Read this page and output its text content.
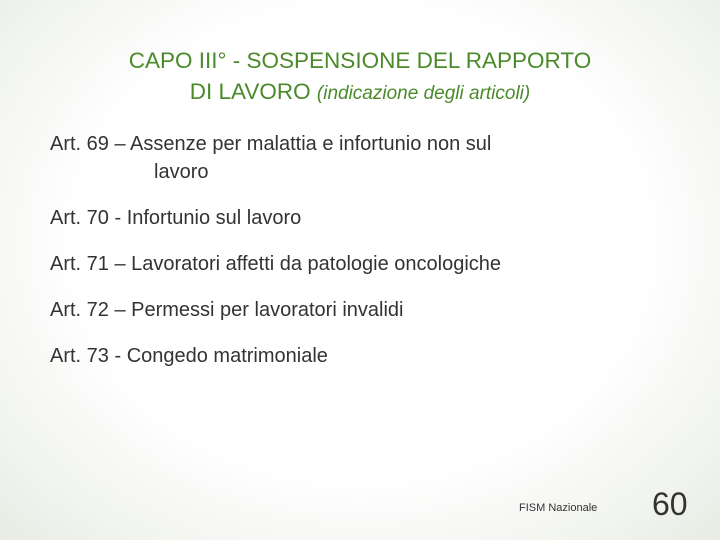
CAPO III° - SOSPENSIONE DEL RAPPORTO
DI LAVORO (indicazione degli articoli)
Art. 69 – Assenze per malattia e infortunio non sul
lavoro
Art. 70 - Infortunio sul lavoro
Art. 71 – Lavoratori affetti da patologie oncologiche
Art. 72 – Permessi per lavoratori invalidi
Art. 73 - Congedo matrimoniale
FISM Nazionale 60
